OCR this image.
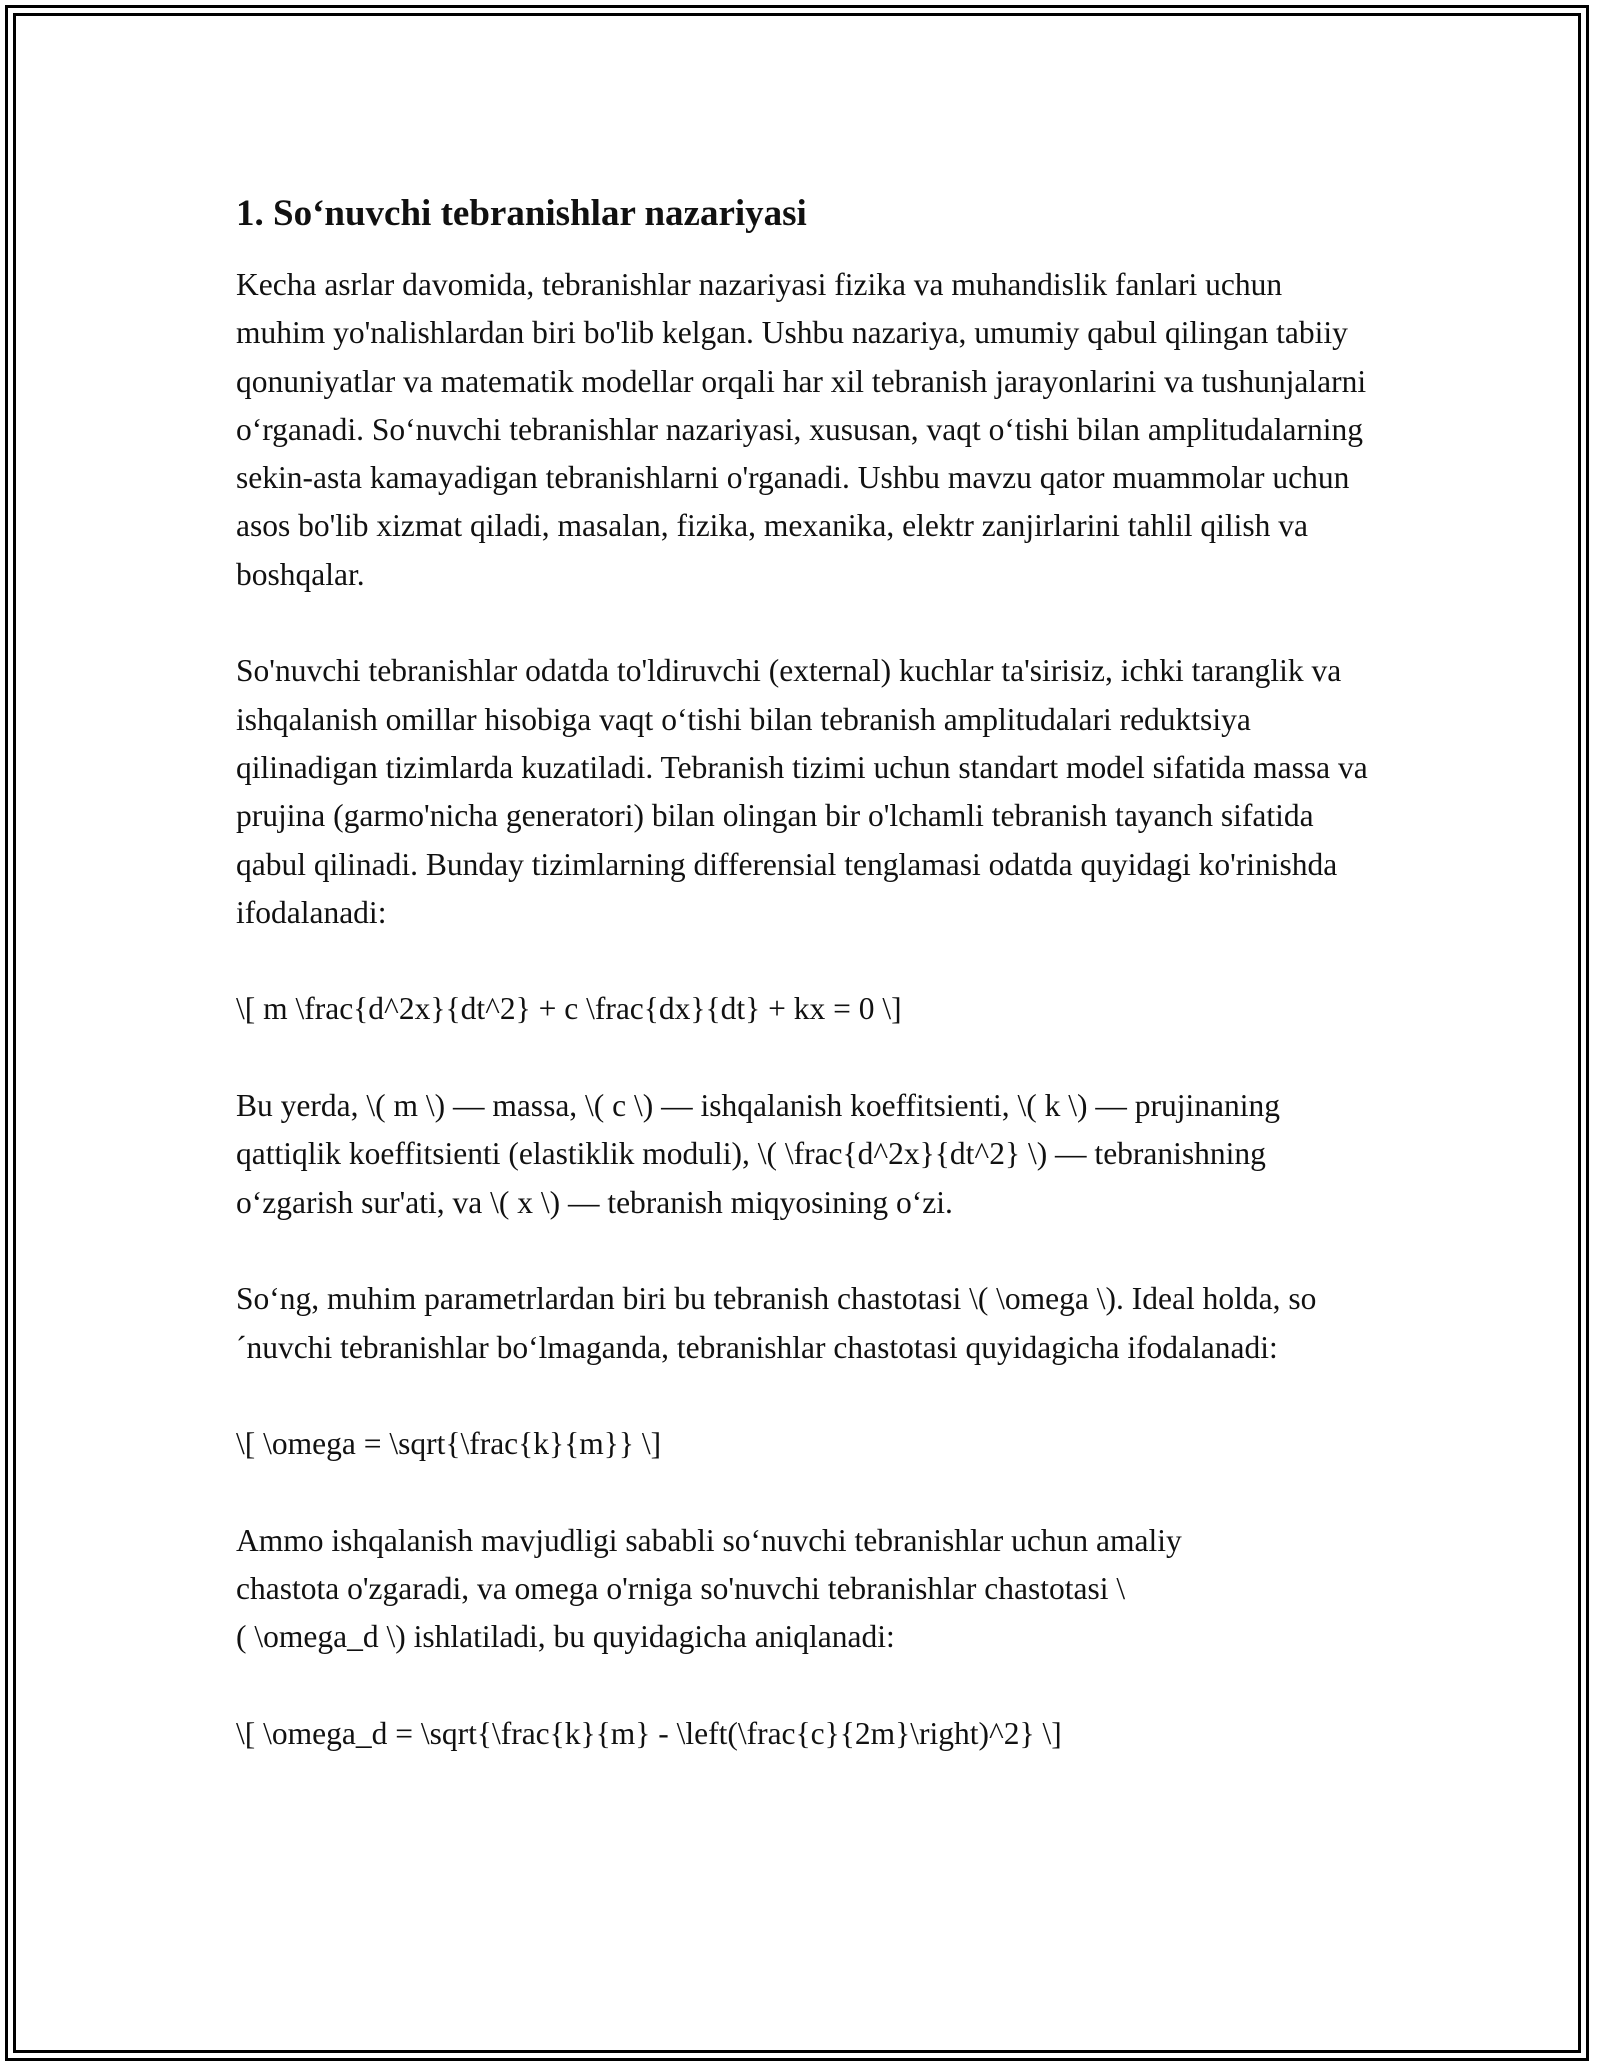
1. So‘nuvchi tebranishlar nazariyasi

Kecha asrlar davomida, tebranishlar nazariyasi fizika va muhandislik fanlari uchun muhim yo'nalishlardan biri bo'lib kelgan. Ushbu nazariya, umumiy qabul qilingan tabiiy qonuniyatlar va matematik modellar orqali har xil tebranish jarayonlarini va tushunjalarni o‘rganadi. So‘nuvchi tebranishlar nazariyasi, xususan, vaqt o‘tishi bilan amplitudalarning sekin-asta kamayadigan tebranishlarni o'rganadi. Ushbu mavzu qator muammolar uchun asos bo'lib xizmat qiladi, masalan, fizika, mexanika, elektr zanjirlarini tahlil qilish va boshqalar.

So'nuvchi tebranishlar odatda to'ldiruvchi (external) kuchlar ta'sirisiz, ichki taranglik va ishqalanish omillar hisobiga vaqt o‘tishi bilan tebranish amplitudalari reduktsiya qilinadigan tizimlarda kuzatiladi. Tebranish tizimi uchun standart model sifatida massa va prujina (garmo'nicha generatori) bilan olingan bir o'lchamli tebranish tayanch sifatida qabul qilinadi. Bunday tizimlarning differensial tenglamasi odatda quyidagi ko'rinishda ifodalanadi:

\[ m \frac{d^2x}{dt^2} + c \frac{dx}{dt} + kx = 0 \]

Bu yerda, \( m \) — massa, \( c \) — ishqalanish koeffitsienti, \( k \) — prujinaning qattiqlik koeffitsienti (elastiklik moduli), \( \frac{d^2x}{dt^2} \) — tebranishning o‘zgarish sur'ati, va \( x \) — tebranish miqyosining o‘zi.

So‘ng, muhim parametrlardan biri bu tebranish chastotasi \( \omega \). Ideal holda, so´nuvchi tebranishlar bo‘lmaganda, tebranishlar chastotasi quyidagicha ifodalanadi:

\[ \omega = \sqrt{\frac{k}{m}} \]

Ammo ishqalanish mavjudligi sababli so‘nuvchi tebranishlar uchun amaliy
chastota o'zgaradi, va omega o'rniga so'nuvchi tebranishlar chastotasi \
( \omega_d \) ishlatiladi, bu quyidagicha aniqlanadi:

\[ \omega_d = \sqrt{\frac{k}{m} - \left(\frac{c}{2m}\right)^2} \]
